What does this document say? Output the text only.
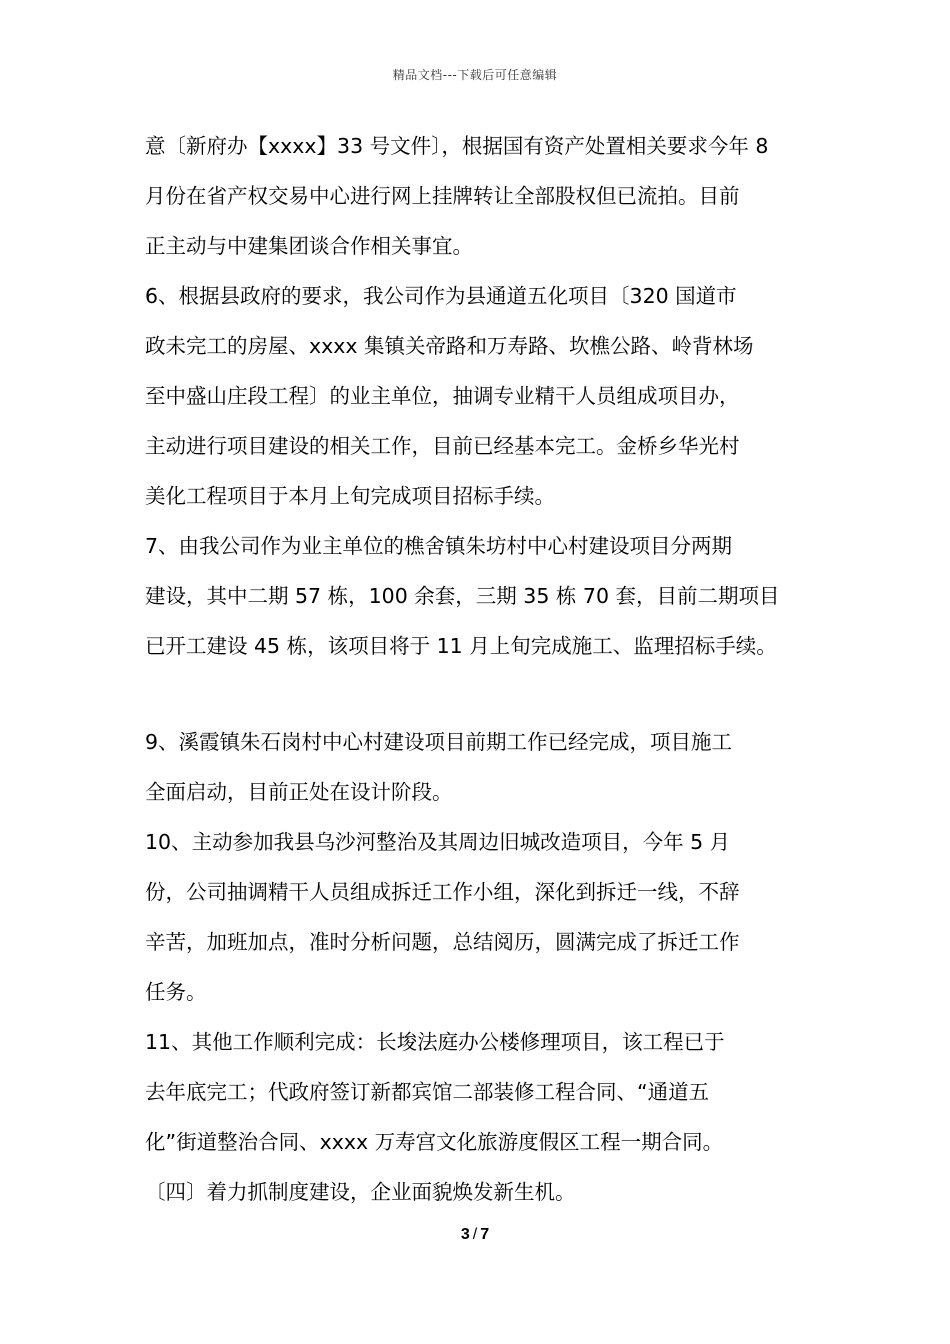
精品文档---下载后可任意编辑
意〔新府办【xxxx】33 号文件〕，根据国有资产处置相关要求今年 8
月份在省产权交易中心进行网上挂牌转让全部股权但已流拍。目前
正主动与中建集团谈合作相关事宜。
6、根据县政府的要求，我公司作为县通道五化项目〔320 国道市
政未完工的房屋、xxxx 集镇关帝路和万寿路、坎樵公路、岭背林场
至中盛山庄段工程〕的业主单位，抽调专业精干人员组成项目办，
主动进行项目建设的相关工作，目前已经基本完工。金桥乡华光村
美化工程项目于本月上旬完成项目招标手续。
7、由我公司作为业主单位的樵舍镇朱坊村中心村建设项目分两期
建设，其中二期 57 栋，100 余套，三期 35 栋 70 套，目前二期项目
已开工建设 45 栋，该项目将于 11 月上旬完成施工、监理招标手续。
9、溪霞镇朱石岗村中心村建设项目前期工作已经完成，项目施工
全面启动，目前正处在设计阶段。
10、主动参加我县乌沙河整治及其周边旧城改造项目，今年 5 月
份，公司抽调精干人员组成拆迁工作小组，深化到拆迁一线，不辞
辛苦，加班加点，准时分析问题，总结阅历，圆满完成了拆迁工作
任务。
11、其他工作顺利完成：长埈法庭办公楼修理项目，该工程已于
去年底完工；代政府签订新都宾馆二部装修工程合同、“通道五
化”街道整治合同、xxxx 万寿宫文化旅游度假区工程一期合同。
〔四〕着力抓制度建设，企业面貌焕发新生机。
3 / 7
